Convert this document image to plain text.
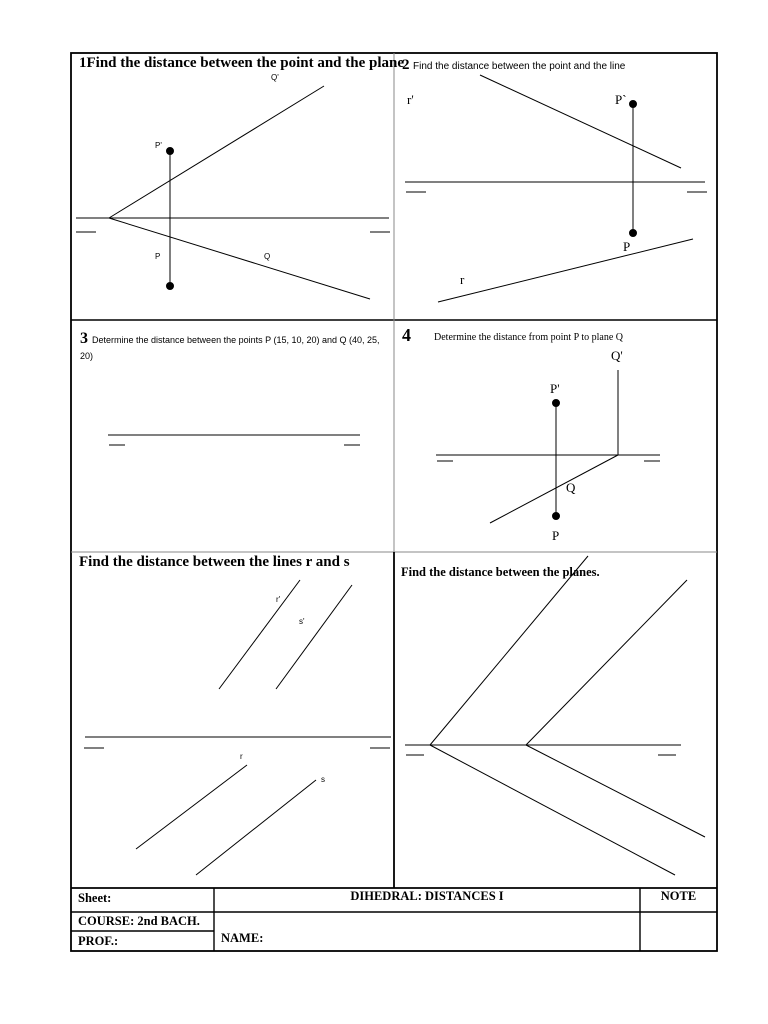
1Find the distance between the point and the plane
Q'
P'
P	Q
2 Find the distance between the point and the line
r'	P`
P
r
3 Determine the distance between the points P (15, 10, 20) and Q (40, 25, 20)
4 Determine the distance from point P to plane Q
Q'
P'
Q
P
Find the distance between the lines r and s
r'
s'
r
s
Find the distance between the planes.
Sheet:	DIHEDRAL: DISTANCES I	NOTE
COURSE: 2nd BACH.
PROF.:	NAME:
